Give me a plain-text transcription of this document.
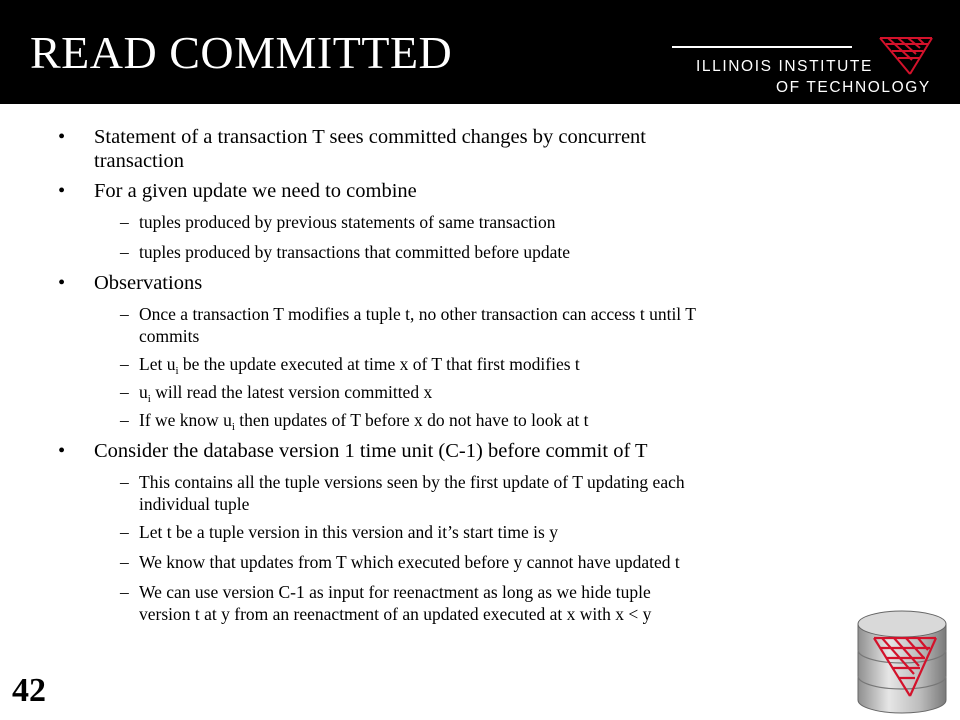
READ COMMITTED	ILLINOIS INSTITUTE
OF TECHNOLOGY
• Statement of a transaction T sees committed changes by concurrent
transaction
• For a given update we need to combine
– tuples produced by previous statements of same transaction
– tuples produced by transactions that committed before update
• Observations
– Once a transaction T modifies a tuple t, no other transaction can access t until T
commits
– Let $u_i$ be the update executed at time x of T that first modifies t
– $u_i$ will read the latest version committed x
– If we know $u_i$ then updates of T before x do not have to look at t
• Consider the database version 1 time unit (C-1) before commit of T
– This contains all the tuple versions seen by the first update of T updating each
individual tuple
– Let t be a tuple version in this version and it’s start time is y
– We know that updates from T which executed before y cannot have updated t
– We can use version C-1 as input for reenactment as long as we hide tuple
version t at y from an reenactment of an updated executed at x with x < y
42
